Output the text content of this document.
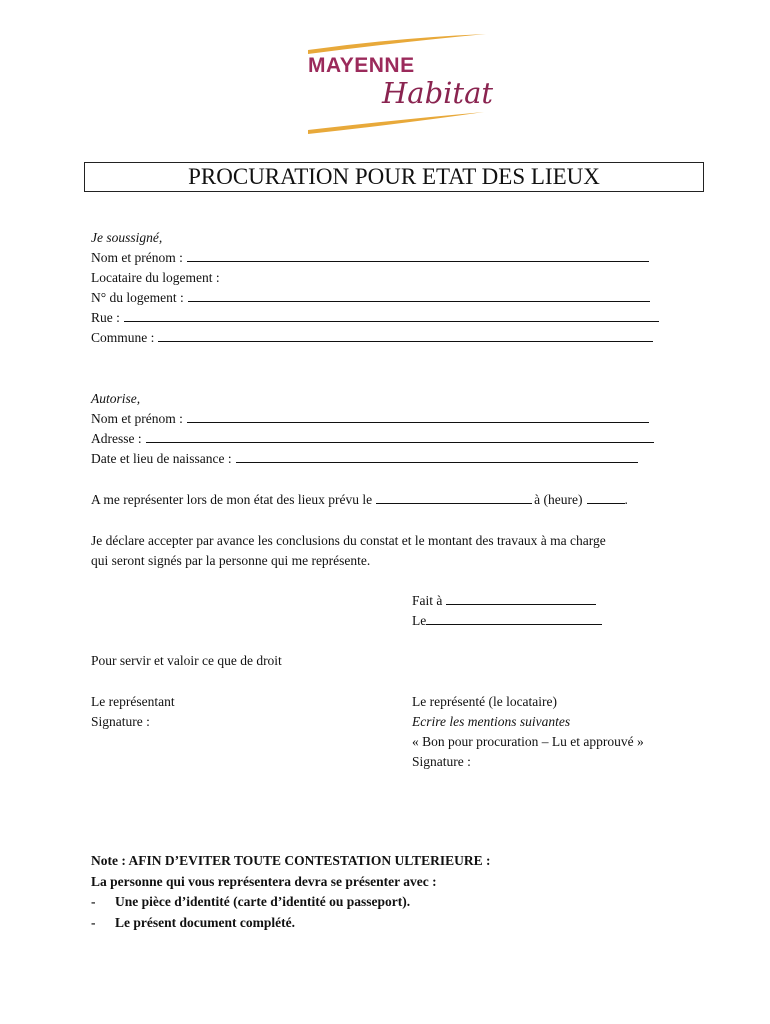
MAYENNE
Habitat
PROCURATION POUR ETAT DES LIEUX
Je soussigné,
Nom et prénom :
Locataire du logement :
N° du logement :
Rue :
Commune :
Autorise,
Nom et prénom :
Adresse :
Date et lieu de naissance :
A me représenter lors de mon état des lieux prévu le	à (heure)	.
Je déclare accepter par avance les conclusions du constat et le montant des travaux à ma charge
qui seront signés par la personne qui me représente.
Fait à
Le
Pour servir et valoir ce que de droit
Le représentant
Signature :
Le représenté (le locataire)
Ecrire les mentions suivantes
« Bon pour procuration – Lu et approuvé »
Signature :
Note : AFIN D’EVITER TOUTE CONTESTATION ULTERIEURE :
La personne qui vous représentera devra se présenter avec :
-	Une pièce d’identité (carte d’identité ou passeport).
-	Le présent document complété.
